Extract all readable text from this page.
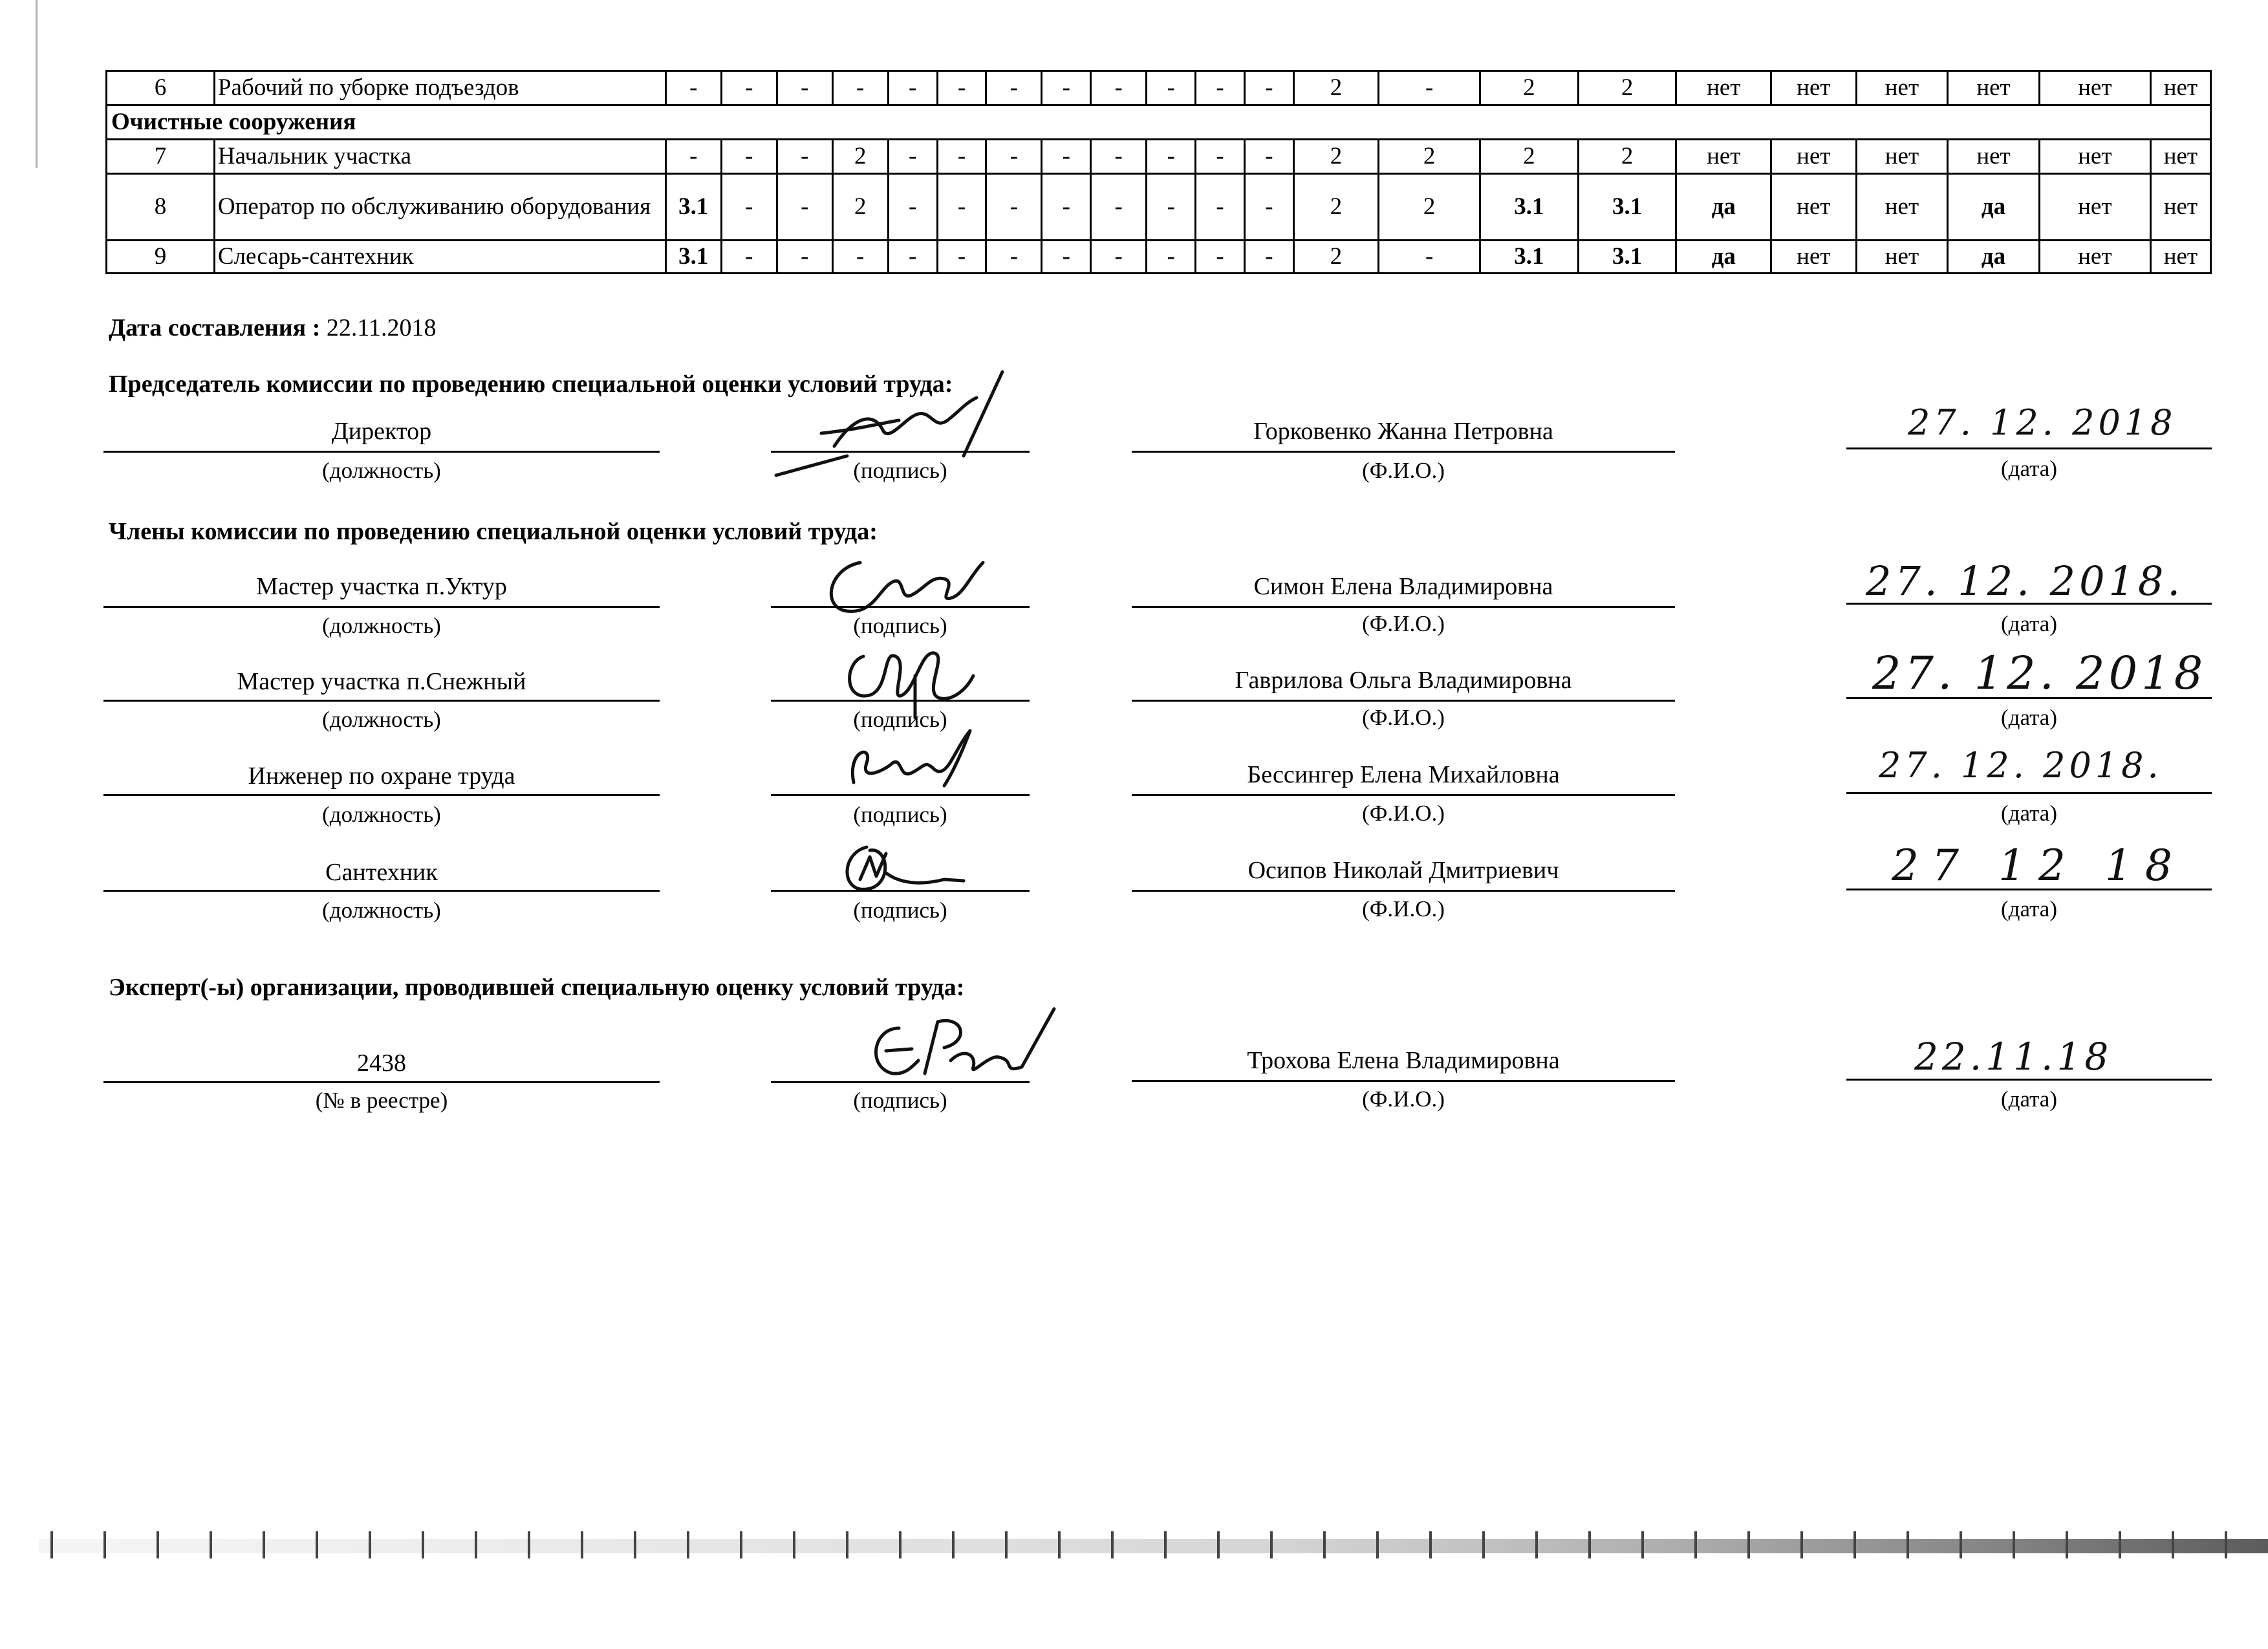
6	Рабочий по уборке подъездов	-	-	-	-	-	-	-	-	-	-	-	-	2	-	2	2	нет	нет	нет	нет	нет	нет
Очистные сооружения																							
7	Начальник участка	-	-	-	2	-	-	-	-	-	-	-	-	2	2	2	2	нет	нет	нет	нет	нет	нет
8	Оператор по обслуживанию оборудования	3.1	-	-	2	-	-	-	-	-	-	-	-	2	2	3.1	3.1	да	нет	нет	да	нет	нет
9	Слесарь-сантехник	3.1	-	-	-	-	-	-	-	-	-	-	-	2	-	3.1	3.1	да	нет	нет	да	нет	нет
Дата составления : 22.11.2018
Председатель комиссии по проведению специальной оценки условий труда:
Директор
(должность)	(подпись)
Горковенко Жанна Петровна
(Ф.И.О.)
27. 12. 2018
(дата)
Члены комиссии по проведению специальной оценки условий труда:
Мастер участка п.Уктур
(должность)	(подпись)
Симон Елена Владимировна
(Ф.И.О.)
27. 12. 2018.
(дата)
Мастер участка п.Снежный
(должность)	(подпись)
Гаврилова Ольга Владимировна
(Ф.И.О.)
27. 12. 2018
(дата)
Инженер по охране труда
(должность)	(подпись)
Бессингер Елена Михайловна
(Ф.И.О.)
27. 12. 2018.
(дата)
Сантехник
(должность)	(подпись)
Осипов Николай Дмитриевич
(Ф.И.О.)
27 12 18
(дата)
Эксперт(-ы) организации, проводившей специальную оценку условий труда:
2438
(№ в реестре)	(подпись)
Трохова Елена Владимировна
(Ф.И.О.)
22.11.18
(дата)
